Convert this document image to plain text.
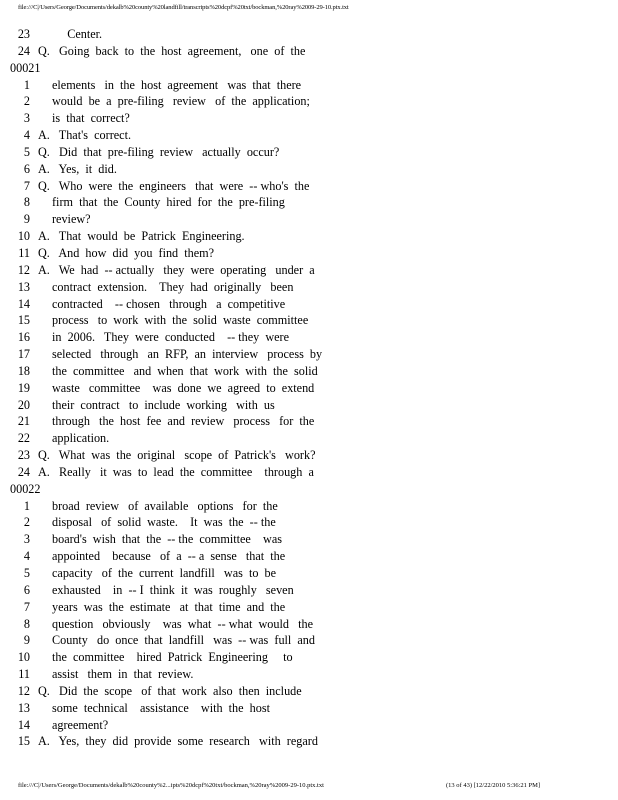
file:///C|/Users/George/Documents/dekalb%20county%20landfill/transcripts%20dcpf%20txt/bockman,%20ray%2009-29-10.ptx.txt
23 Center.
24 Q.   Going  back  to  the  host  agreement,   one  of  the
00021
1 elements   in  the  host  agreement   was  that  there
2 would  be  a  pre-filing   review   of  the  application;
3 is  that  correct?
4 A.   That's  correct.
5 Q.   Did  that  pre-filing  review   actually  occur?
6 A.   Yes,  it  did.
7 Q.   Who  were  the  engineers   that  were  -- who's  the
8 firm  that  the  County  hired  for  the  pre-filing
9 review?
10 A.   That  would  be  Patrick  Engineering.
11 Q.   And  how  did  you  find  them?
12 A.   We  had  -- actually   they  were  operating   under  a
13 contract  extension.    They  had  originally   been
14 contracted    -- chosen   through   a  competitive
15 process   to  work  with  the  solid  waste  committee
16 in  2006.   They  were  conducted    -- they  were
17 selected   through   an  RFP,  an  interview   process  by
18 the  committee   and  when  that  work  with  the  solid
19 waste   committee    was  done  we  agreed  to  extend
20 their  contract   to  include  working   with  us
21 through   the  host  fee  and  review   process   for  the
22 application.
23 Q.   What  was  the  original   scope  of  Patrick's   work?
24 A.   Really   it  was  to  lead  the  committee    through  a
00022
1 broad  review   of  available   options   for  the
2 disposal   of  solid  waste.    It  was  the  -- the
3 board's  wish  that  the  -- the  committee    was
4 appointed    because   of  a  -- a  sense   that  the
5 capacity   of  the  current  landfill   was  to  be
6 exhausted    in  -- I  think  it  was  roughly   seven
7 years  was  the  estimate   at  that  time  and  the
8 question   obviously    was  what  -- what  would   the
9 County   do  once  that  landfill   was  -- was  full  and
10 the  committee    hired  Patrick  Engineering     to
11 assist   them  in  that  review.
12 Q.   Did  the  scope   of  that  work  also  then  include
13 some  technical    assistance    with  the  host
14 agreement?
15 A.   Yes,  they  did  provide  some  research   with  regard
file:///C|/Users/George/Documents/dekalb%20county%2...ipts%20dcpf%20txt/bockman,%20ray%2009-29-10.ptx.txt	(13 of 43) [12/22/2010 5:36:21 PM]
